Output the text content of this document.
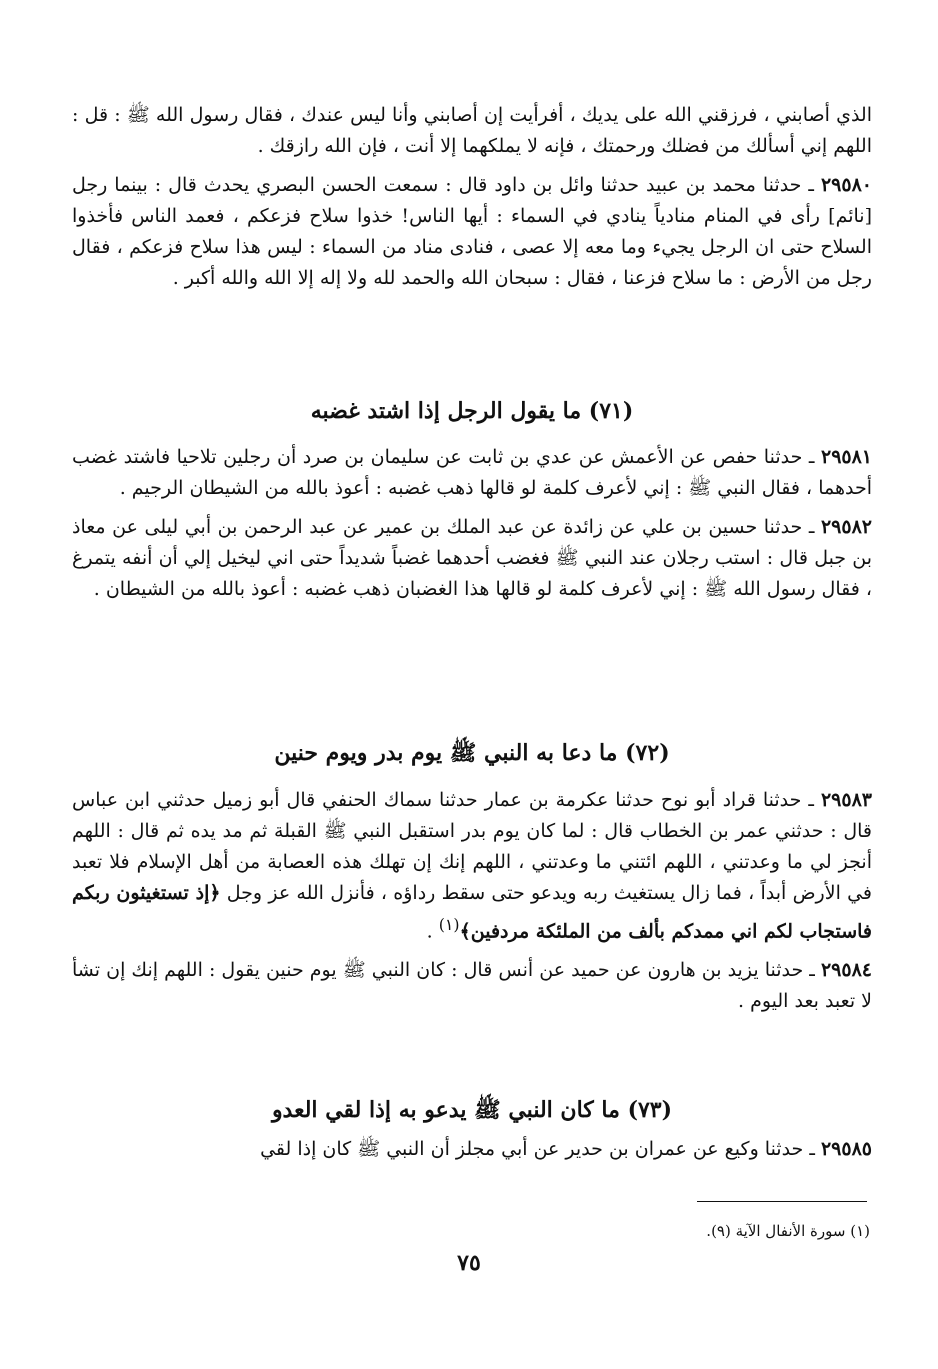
الذي أصابني ، فرزقني الله على يديك ، أفرأيت إن أصابني وأنا ليس عندك ، فقال رسول الله ﷺ : قل : اللهم إني أسألك من فضلك ورحمتك ، فإنه لا يملكهما إلا أنت ، فإن الله رازقك .

٢٩٥٨٠ ـ حدثنا محمد بن عبيد حدثنا وائل بن داود قال : سمعت الحسن البصري يحدث قال : بينما رجل [نائم] رأى في المنام منادياً ينادي في السماء : أيها الناس! خذوا سلاح فزعكم ، فعمد الناس فأخذوا السلاح حتى ان الرجل يجيء وما معه إلا عصى ، فنادى مناد من السماء : ليس هذا سلاح فزعكم ، فقال رجل من الأرض : ما سلاح فزعنا ، فقال : سبحان الله والحمد لله ولا إله إلا الله والله أكبر .

(٧١) ما يقول الرجل إذا اشتد غضبه

٢٩٥٨١ ـ حدثنا حفص عن الأعمش عن عدي بن ثابت عن سليمان بن صرد أن رجلين تلاحيا فاشتد غضب أحدهما ، فقال النبي ﷺ : إني لأعرف كلمة لو قالها ذهب غضبه : أعوذ بالله من الشيطان الرجيم .

٢٩٥٨٢ ـ حدثنا حسين بن علي عن زائدة عن عبد الملك بن عمير عن عبد الرحمن بن أبي ليلى عن معاذ بن جبل قال : استب رجلان عند النبي ﷺ فغضب أحدهما غضباً شديداً حتى اني ليخيل إلي أن أنفه يتمرغ ، فقال رسول الله ﷺ : إني لأعرف كلمة لو قالها هذا الغضبان ذهب غضبه : أعوذ بالله من الشيطان .

(٧٢) ما دعا به النبي ﷺ يوم بدر ويوم حنين

٢٩٥٨٣ ـ حدثنا قراد أبو نوح حدثنا عكرمة بن عمار حدثنا سماك الحنفي قال أبو زميل حدثني ابن عباس قال : حدثني عمر بن الخطاب قال : لما كان يوم بدر استقبل النبي ﷺ القبلة ثم مد يده ثم قال : اللهم أنجز لي ما وعدتني ، اللهم ائتني ما وعدتني ، اللهم إنك إن تهلك هذه العصابة من أهل الإسلام فلا تعبد في الأرض أبداً ، فما زال يستغيث ربه ويدعو حتى سقط رداؤه ، فأنزل الله عز وجل ﴿إذ تستغيثون ربكم فاستجاب لكم اني ممدكم بألف من الملئكة مردفين﴾$^{(١)}$ .

٢٩٥٨٤ ـ حدثنا يزيد بن هارون عن حميد عن أنس قال : كان النبي ﷺ يوم حنين يقول : اللهم إنك إن تشأ لا تعبد بعد اليوم .

(٧٣) ما كان النبي ﷺ يدعو به إذا لقي العدو

٢٩٥٨٥ ـ حدثنا وكيع عن عمران بن حدير عن أبي مجلز أن النبي ﷺ كان إذا لقي

(١) سورة الأنفال الآية (٩).
٧٥
